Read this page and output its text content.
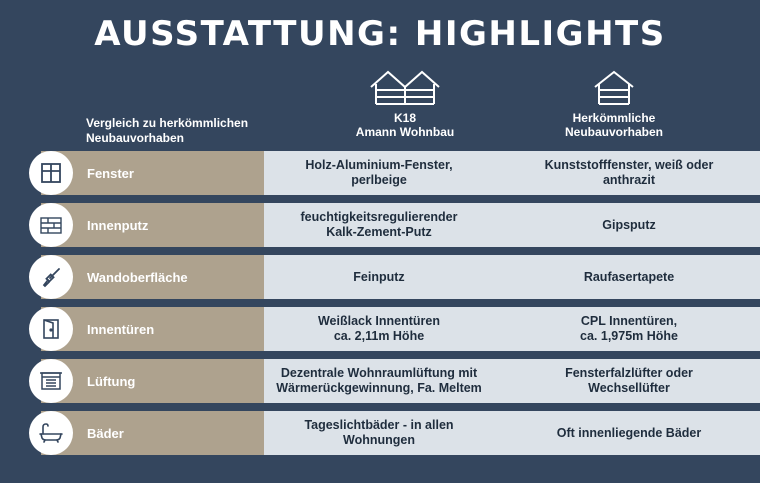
AUSSTATTUNG: HIGHLIGHTS
Vergleich zu herkömmlichen
Neubauvorhaben
K18
Amann Wohnbau
Herkömmliche
Neubauvorhaben
Holz-Aluminium-Fenster,
perlbeige
Kunststofffenster, weiß oder
anthrazit
Fenster
feuchtigkeitsregulierender
Kalk-Zement-Putz
Gipsputz
Innenputz
Feinputz	Raufasertapete
Wandoberfläche
Weißlack Innentüren
ca. 2,11m Höhe
CPL Innentüren,
ca. 1,975m Höhe
Innentüren
Dezentrale Wohnraumlüftung mit
Wärmerückgewinnung, Fa. Meltem
Fensterfalzlüfter oder
Wechsellüfter
Lüftung
Tageslichtbäder - in allen
Wohnungen
Oft innenliegende Bäder
Bäder
